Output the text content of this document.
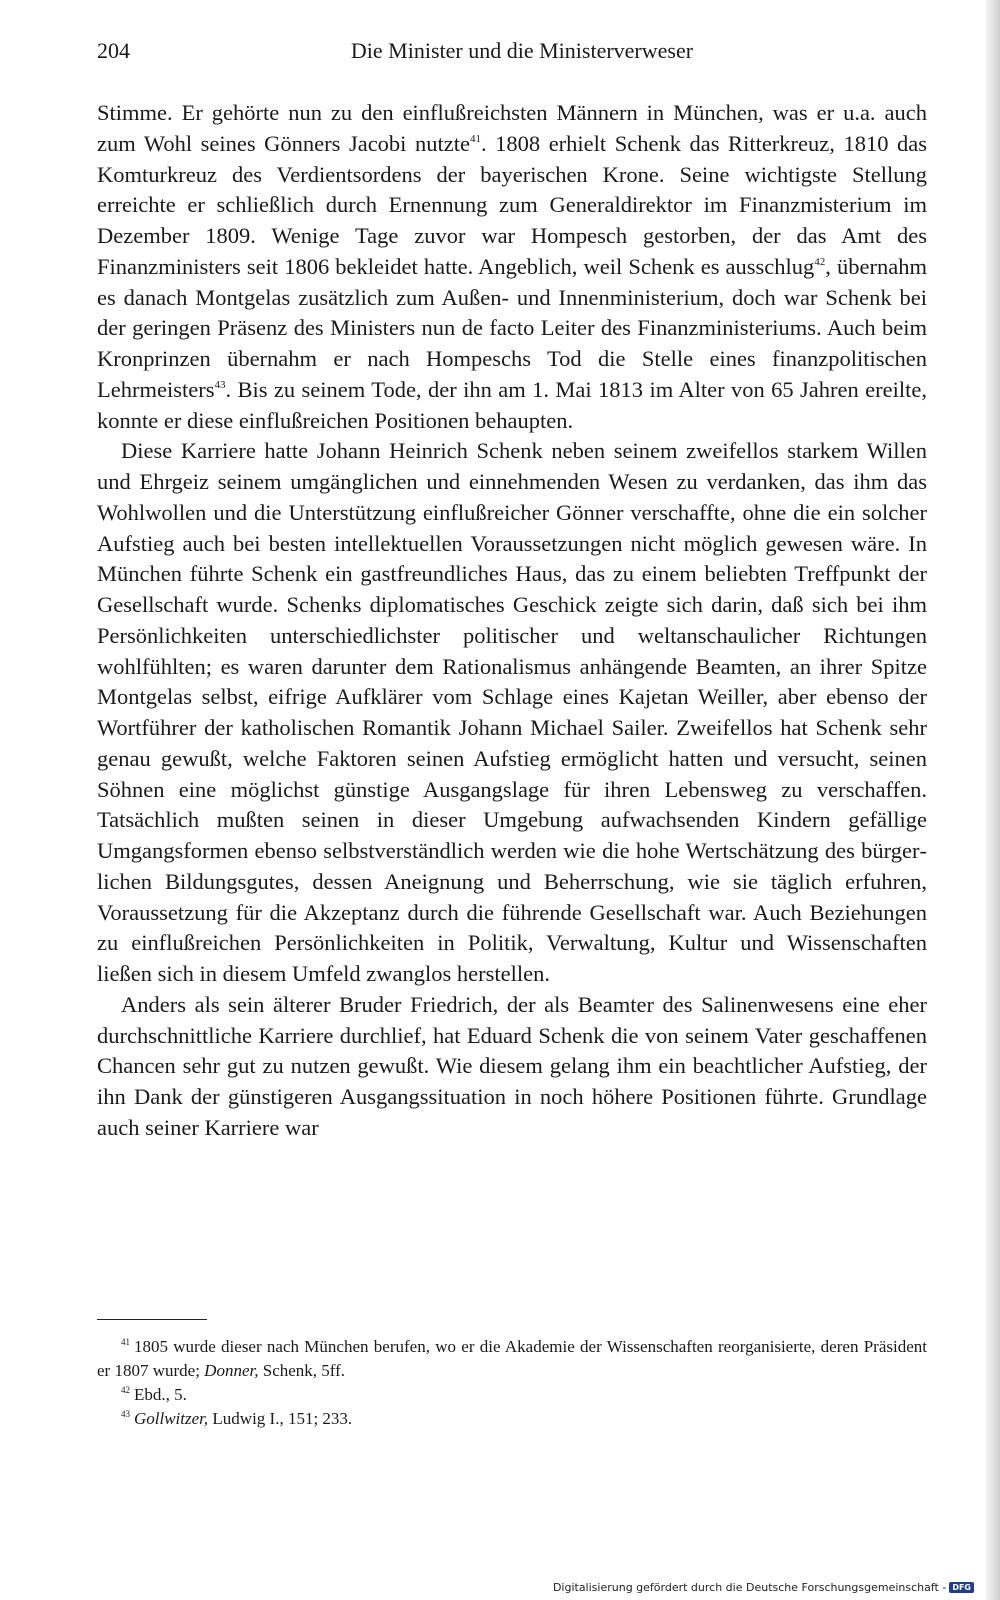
204	Die Minister und die Ministerverweser

Stimme. Er gehörte nun zu den einflußreichsten Männern in München, was er u.a. auch zum Wohl seines Gönners Jacobi nutzte$^{41}$. 1808 erhielt Schenk das Ritterkreuz, 1810 das Komturkreuz des Verdientsordens der bayerischen Krone. Seine wichtigste Stellung erreichte er schließlich durch Ernennung zum Generaldirektor im Finanzmisterium im Dezember 1809. Wenige Tage zuvor war Hompesch gestorben, der das Amt des Finanzministers seit 1806 bekleidet hatte. Angeblich, weil Schenk es ausschlug$^{42}$, übernahm es danach Montgelas zusätzlich zum Außen- und Innenministerium, doch war Schenk bei der geringen Präsenz des Ministers nun de facto Leiter des Finanzministeriums. Auch beim Kronprinzen übernahm er nach Hompeschs Tod die Stelle eines finanzpolitischen Lehrmeisters$^{43}$. Bis zu seinem Tode, der ihn am 1. Mai 1813 im Alter von 65 Jahren ereilte, konnte er diese einflußreichen Positionen behaupten.

Diese Karriere hatte Johann Heinrich Schenk neben seinem zweifellos starkem Willen und Ehrgeiz seinem umgänglichen und einnehmenden Wesen zu verdanken, das ihm das Wohlwollen und die Unterstützung einflußreicher Gönner verschaffte, ohne die ein solcher Aufstieg auch bei besten intellektuellen Voraussetzungen nicht möglich gewesen wäre. In München führte Schenk ein gastfreundliches Haus, das zu einem beliebten Treffpunkt der Gesellschaft wurde. Schenks diplomatisches Geschick zeigte sich darin, daß sich bei ihm Persönlichkeiten unterschiedlichster politischer und weltanschaulicher Richtungen wohlfühlten; es waren darunter dem Rationalismus anhängende Beamten, an ihrer Spitze Montgelas selbst, eifrige Aufklärer vom Schlage eines Kajetan Weiller, aber ebenso der Wortführer der katholischen Romantik Johann Michael Sailer. Zweifellos hat Schenk sehr genau gewußt, welche Faktoren seinen Aufstieg ermöglicht hatten und versucht, seinen Söhnen eine möglichst günstige Ausgangslage für ihren Lebensweg zu verschaffen. Tatsächlich mußten seinen in dieser Umgebung aufwachsenden Kindern gefällige Umgangsformen ebenso selbstverständlich werden wie die hohe Wertschätzung des bürgerlichen Bildungsgutes, dessen Aneignung und Beherrschung, wie sie täglich erfuhren, Voraussetzung für die Akzeptanz durch die führende Gesellschaft war. Auch Beziehungen zu einflußreichen Persönlichkeiten in Politik, Verwaltung, Kultur und Wissenschaften ließen sich in diesem Umfeld zwanglos herstellen.

Anders als sein älterer Bruder Friedrich, der als Beamter des Salinenwesens eine eher durchschnittliche Karriere durchlief, hat Eduard Schenk die von seinem Vater geschaffenen Chancen sehr gut zu nutzen gewußt. Wie diesem gelang ihm ein beachtlicher Aufstieg, der ihn Dank der günstigeren Ausgangssituation in noch höhere Positionen führte. Grundlage auch seiner Karriere war

$^{41}$ 1805 wurde dieser nach München berufen, wo er die Akademie der Wissenschaften reorganisierte, deren Präsident er 1807 wurde; Donner, Schenk, 5ff.

$^{42}$ Ebd., 5.

$^{43}$ Gollwitzer, Ludwig I., 151; 233.

Digitalisierung gefördert durch die Deutsche Forschungsgemeinschaft - DFG
